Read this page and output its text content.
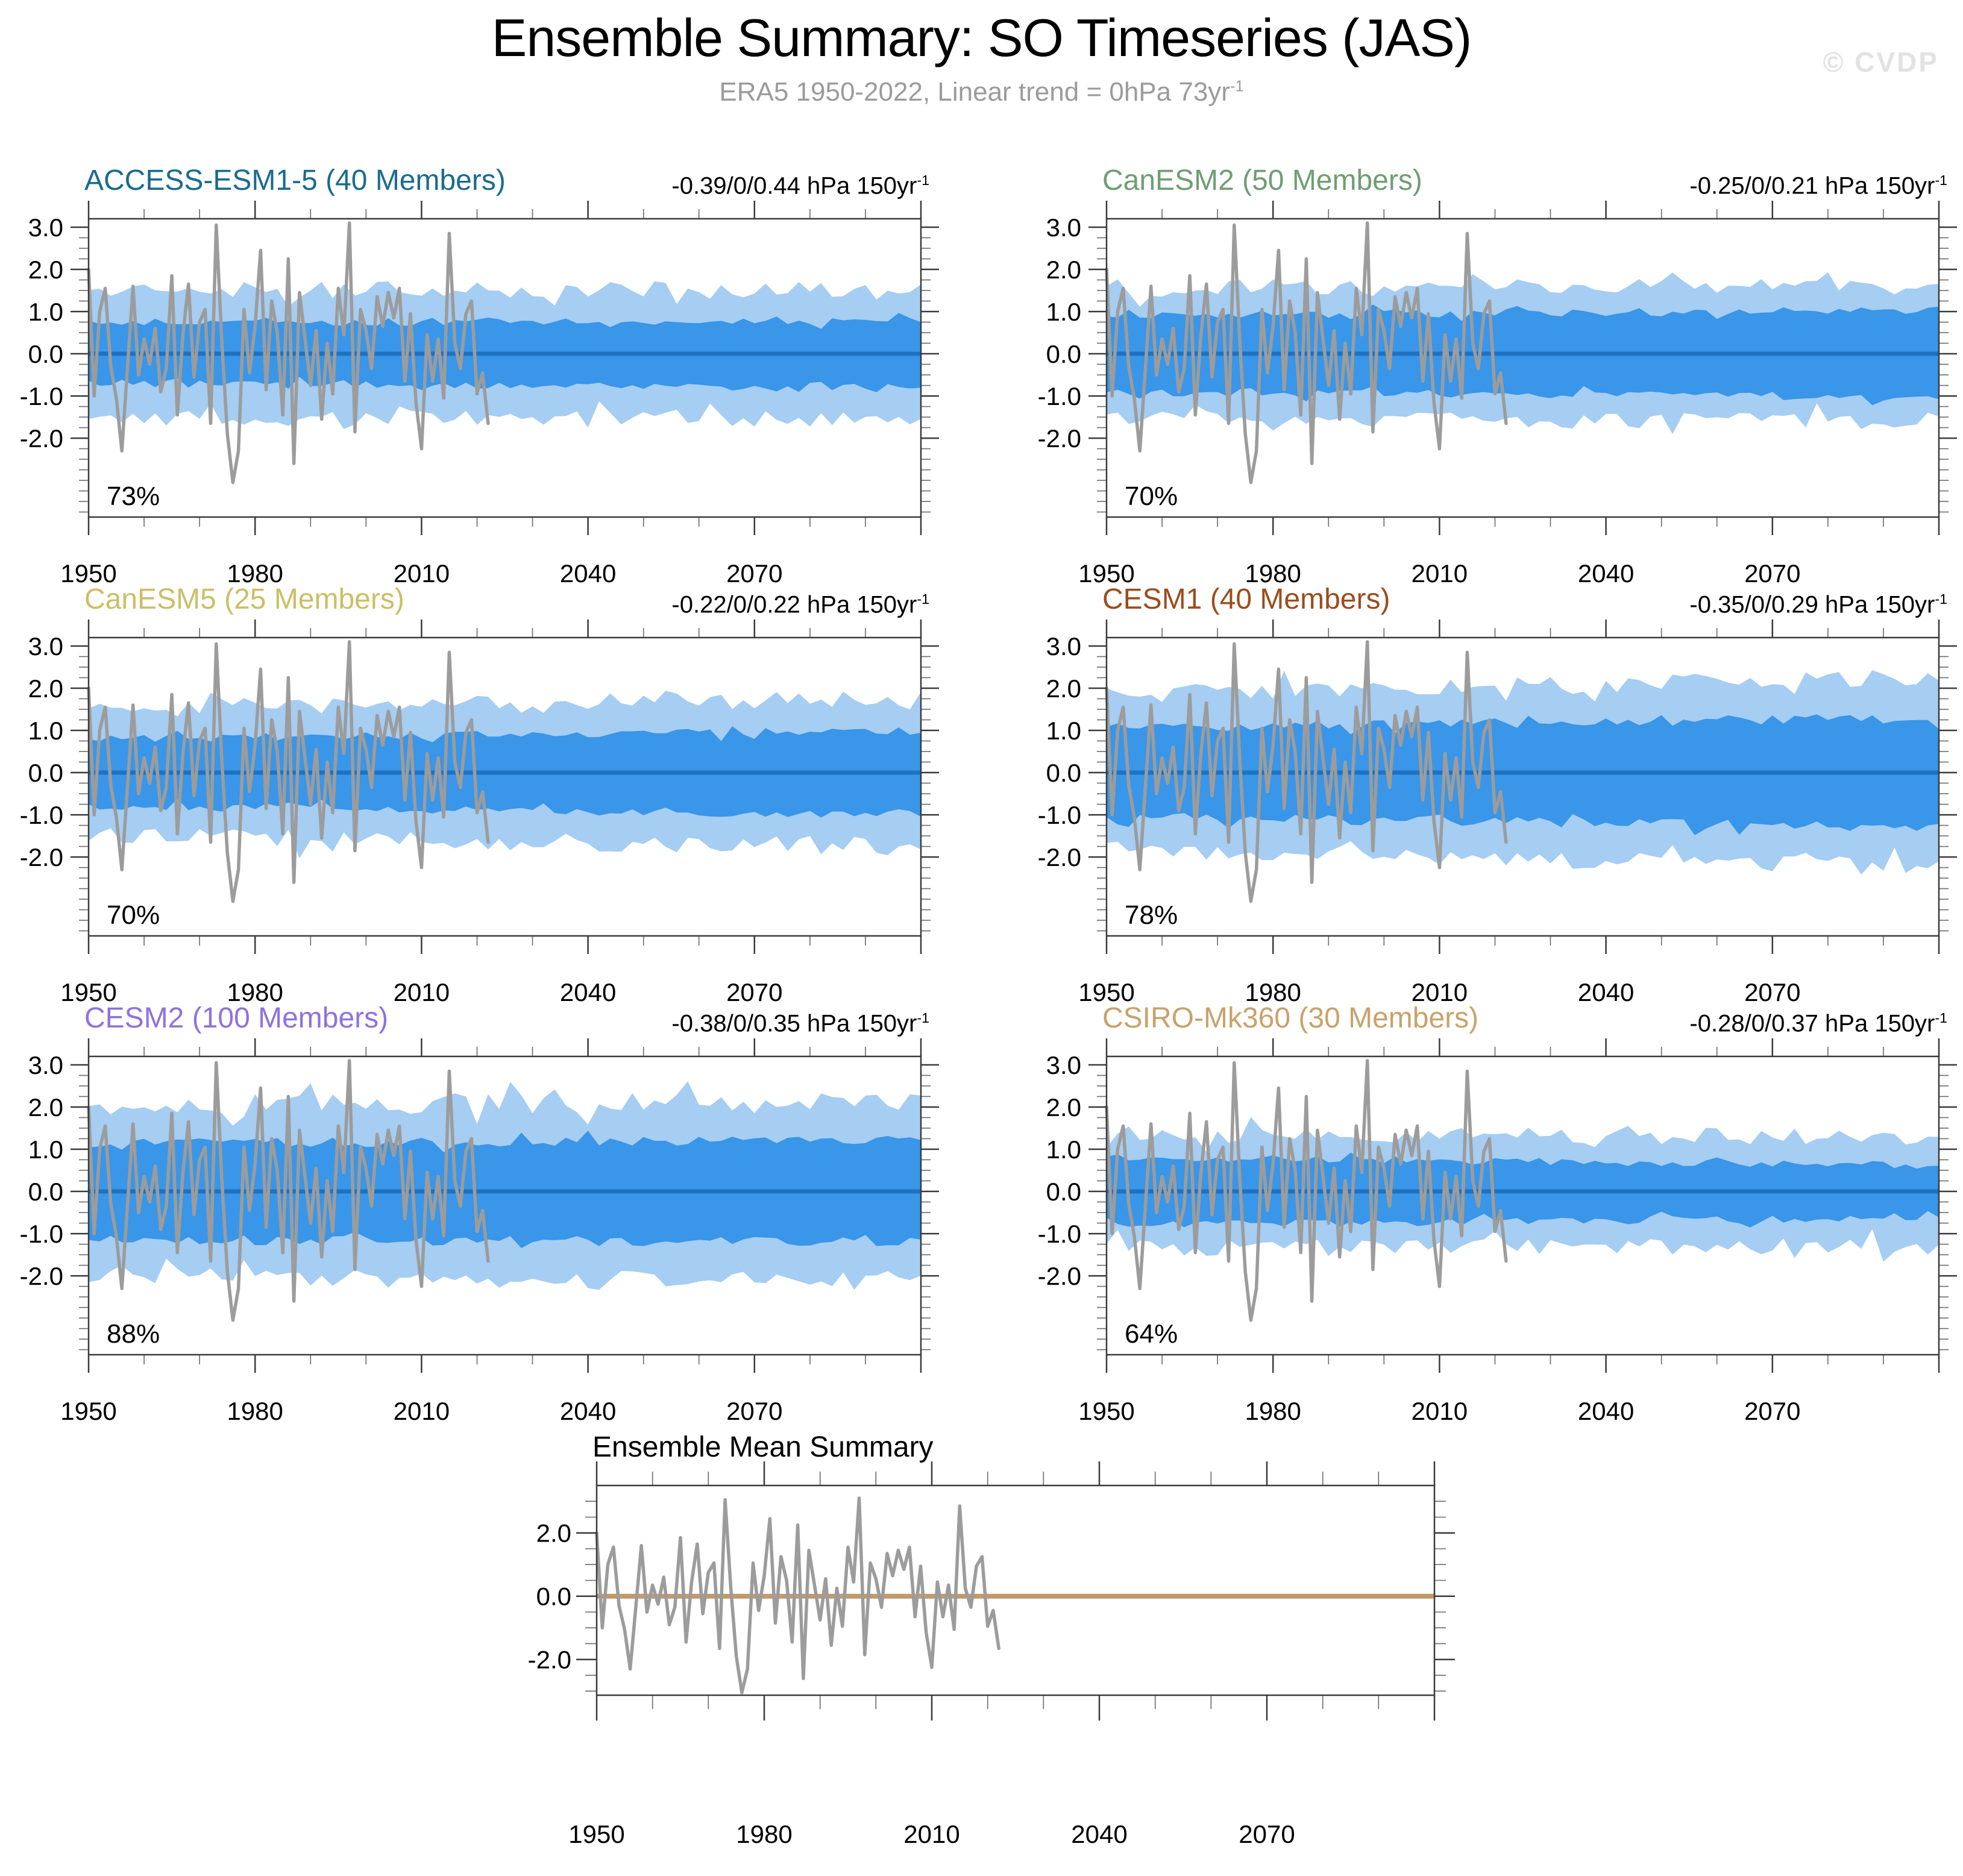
Ensemble Summary: SO Timeseries (JAS)
ERA5 1950-2022, Linear trend = 0hPa $73yr^{-1}$
© CVDP
ACCESS-ESM1-5 (40 Members)	-0.39/0/0.44 hPa $150yr^{-1}$
73%
1950	1980	2010	2040	2070
3.0
2.0
1.0
0.0
-1.0
-2.0
CanESM2 (50 Members)	-0.25/0/0.21 hPa $150yr^{-1}$
70%
1950	1980	2010	2040	2070
3.0
2.0
1.0
0.0
-1.0
-2.0
CanESM5 (25 Members)	-0.22/0/0.22 hPa $150yr^{-1}$
70%
1950	1980	2010	2040	2070
3.0
2.0
1.0
0.0
-1.0
-2.0
CESM1 (40 Members)	-0.35/0/0.29 hPa $150yr^{-1}$
78%
1950	1980	2010	2040	2070
3.0
2.0
1.0
0.0
-1.0
-2.0
CESM2 (100 Members)	-0.38/0/0.35 hPa $150yr^{-1}$
88%
1950	1980	2010	2040	2070
3.0
2.0
1.0
0.0
-1.0
-2.0
CSIRO-Mk360 (30 Members)	-0.28/0/0.37 hPa $150yr^{-1}$
64%
1950	1980	2010	2040	2070
3.0
2.0
1.0
0.0
-1.0
-2.0
Ensemble Mean Summary
1950	1980	2010	2040	2070
2.0
0.0
-2.0
